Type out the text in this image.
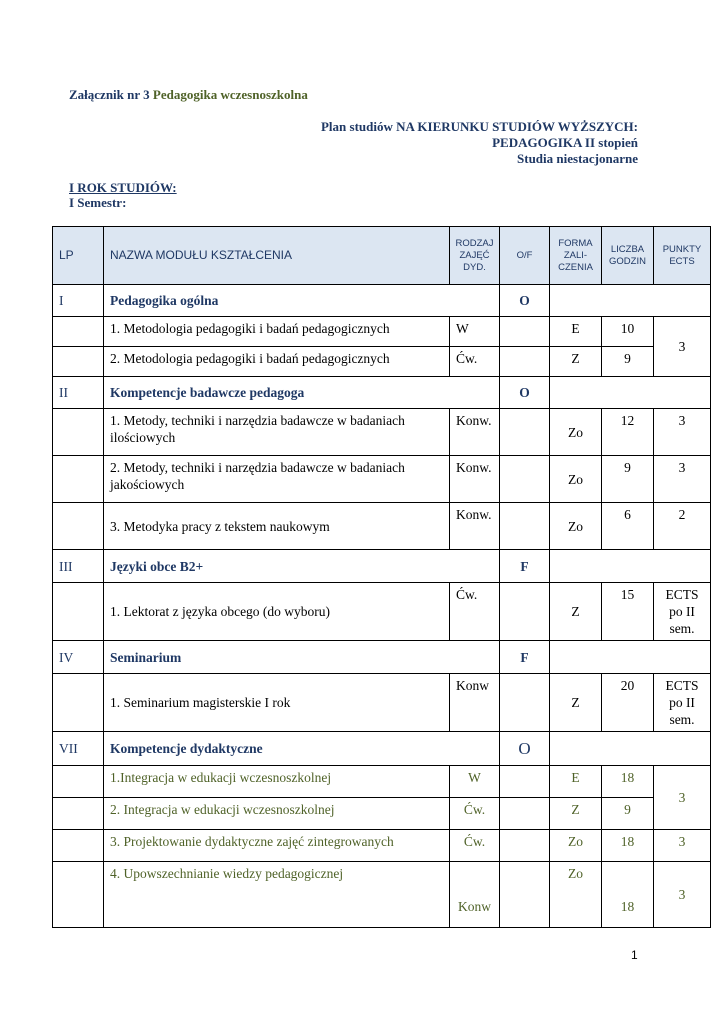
Załącznik nr 3 Pedagogika wczesnoszkolna
Plan studiów NA KIERUNKU STUDIÓW WYŻSZYCH:
PEDAGOGIKA II stopień
Studia niestacjonarne
I ROK STUDIÓW:
I Semestr:
LP	NAZWA MODUŁU KSZTAŁCENIA	RODZAJ ZAJĘĆ DYD.	O/F	FORMA ZALI-CZENIA	LICZBA GODZIN	PUNKTY ECTS
I	Pedagogika ogólna		O			
	1. Metodologia pedagogiki i badań pedagogicznych	W		E	10	3
	2. Metodologia pedagogiki i badań pedagogicznych	Ćw.		Z	9	
II	Kompetencje badawcze pedagoga		O			
	1. Metody, techniki i narzędzia badawcze w badaniach ilościowych	Konw.		Zo	12	3
	2. Metody, techniki i narzędzia badawcze w badaniach jakościowych	Konw.		Zo	9	3
	3. Metodyka pracy z tekstem naukowym	Konw.		Zo	6	2
III	Języki obce B2+		F			
	1. Lektorat z języka obcego (do wyboru)	Ćw.		Z	15	ECTS po II sem.
IV	Seminarium		F			
	1. Seminarium magisterskie I rok	Konw		Z	20	ECTS po II sem.
VII	Kompetencje dydaktyczne		O			
	1.Integracja w edukacji wczesnoszkolnej	W		E	18	3
	2. Integracja w edukacji wczesnoszkolnej	Ćw.		Z	9	
	3. Projektowanie dydaktyczne zajęć zintegrowanych	Ćw.		Zo	18	3
	4. Upowszechnianie wiedzy pedagogicznej	Konw		Zo	18	3
1
